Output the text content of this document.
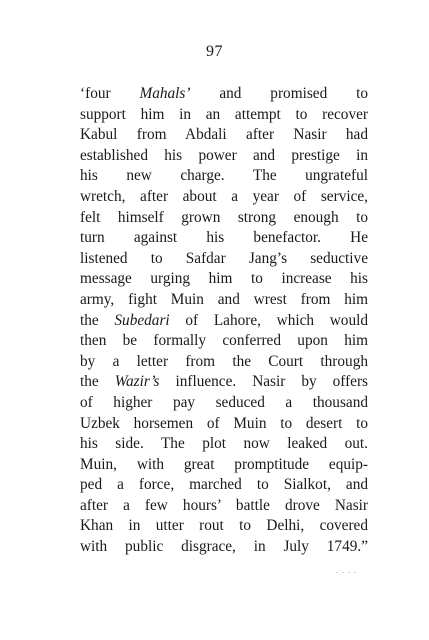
97
‘four Mahals’ and promised to
support him in an attempt to recover
Kabul from Abdali after Nasir had
established his power and prestige in
his new charge. The ungrateful
wretch, after about a year of service,
felt himself grown strong enough to
turn against his benefactor. He
listened to Safdar Jang’s seductive
message urging him to increase his
army, fight Muin and wrest from him
the Subedari of Lahore, which would
then be formally conferred upon him
by a letter from the Court through
the Wazir’s influence. Nasir by offers
of higher pay seduced a thousand
Uzbek horsemen of Muin to desert to
his side. The plot now leaked out.
Muin, with great promptitude equip-
ped a force, marched to Sialkot, and
after a few hours’ battle drove Nasir
Khan in utter rout to Delhi, covered
with public disgrace, in July 1749.”
